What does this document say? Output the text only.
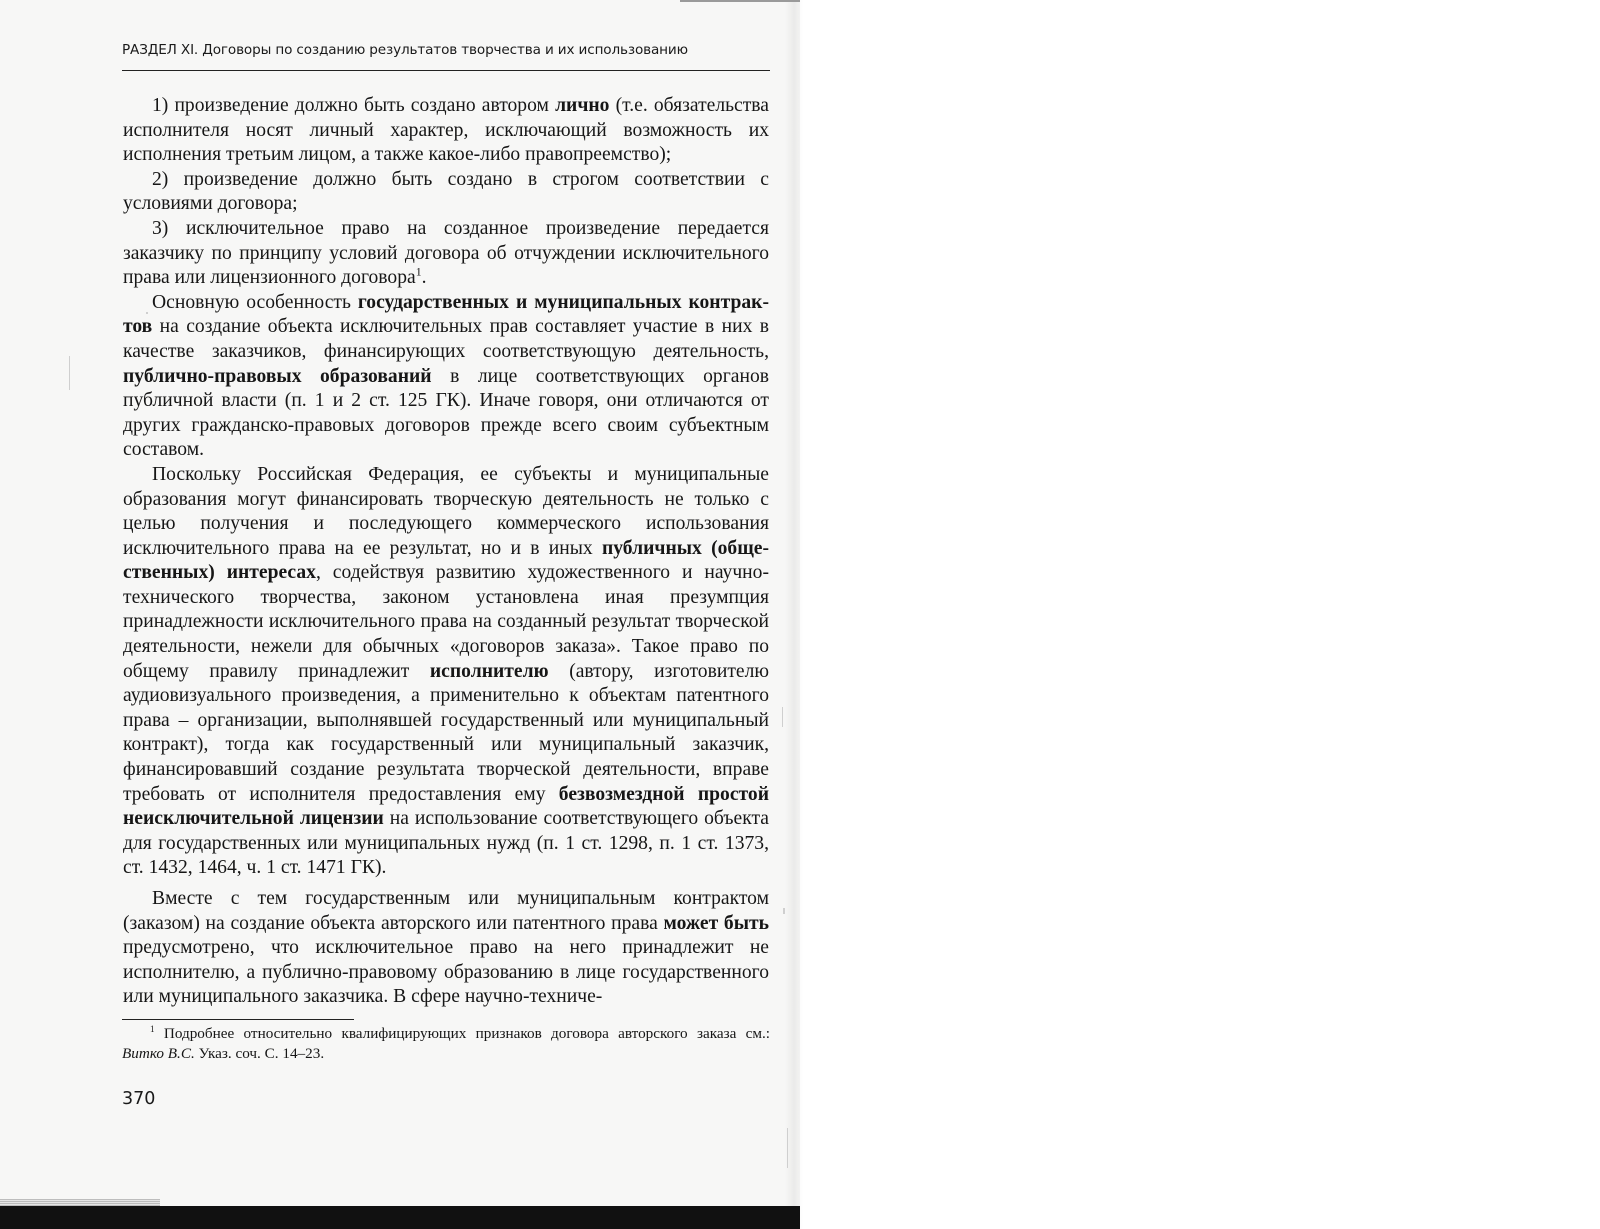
РАЗДЕЛ XI. Договоры по созданию результатов творчества и их использованию

1) произведение должно быть создано автором лично (т.е. обязательства исполнителя носят личный характер, исключающий возможность их исполнения третьим лицом, а также какое-либо правопреемство);

2) произведение должно быть создано в строгом соответствии с условиями договора;

3) исключительное право на созданное произведение передается заказчику по принципу условий договора об отчуждении исключительного права или лицензионного договора$^1$.

Основную особенность государственных и муниципальных контрактов на создание объекта исключительных прав составляет участие в них в качестве заказчиков, финансирующих соответствующую деятельность, публично-правовых образований в лице соответствующих органов публичной власти (п. 1 и 2 ст. 125 ГК). Иначе говоря, они отличаются от других гражданско-правовых договоров прежде всего своим субъектным составом.

Поскольку Российская Федерация, ее субъекты и муниципальные образования могут финансировать творческую деятельность не только с целью получения и последующего коммерческого использования исключительного права на ее результат, но и в иных публичных (общественных) интересах, содействуя развитию художественного и научно-технического творчества, законом установлена иная презумпция принадлежности исключительного права на созданный результат творческой деятельности, нежели для обычных «договоров заказа». Такое право по общему правилу принадлежит исполнителю (автору, изготовителю аудиовизуального произведения, а применительно к объектам патентного права – организации, выполнявшей государственный или муниципальный контракт), тогда как государственный или муниципальный заказчик, финансировавший создание результата творческой деятельности, вправе требовать от исполнителя предоставления ему безвозмездной простой неисключительной лицензии на использование соответствующего объекта для государственных или муниципальных нужд (п. 1 ст. 1298, п. 1 ст. 1373, ст. 1432, 1464, ч. 1 ст. 1471 ГК).

Вместе с тем государственным или муниципальным контрактом (заказом) на создание объекта авторского или патентного права может быть предусмотрено, что исключительное право на него принадлежит не исполнителю, а публично-правовому образованию в лице государственного или муниципального заказчика. В сфере научно-техниче-

$^1$ Подробнее относительно квалифицирующих признаков договора авторского заказа см.: Витко В.С. Указ. соч. С. 14–23.

370
